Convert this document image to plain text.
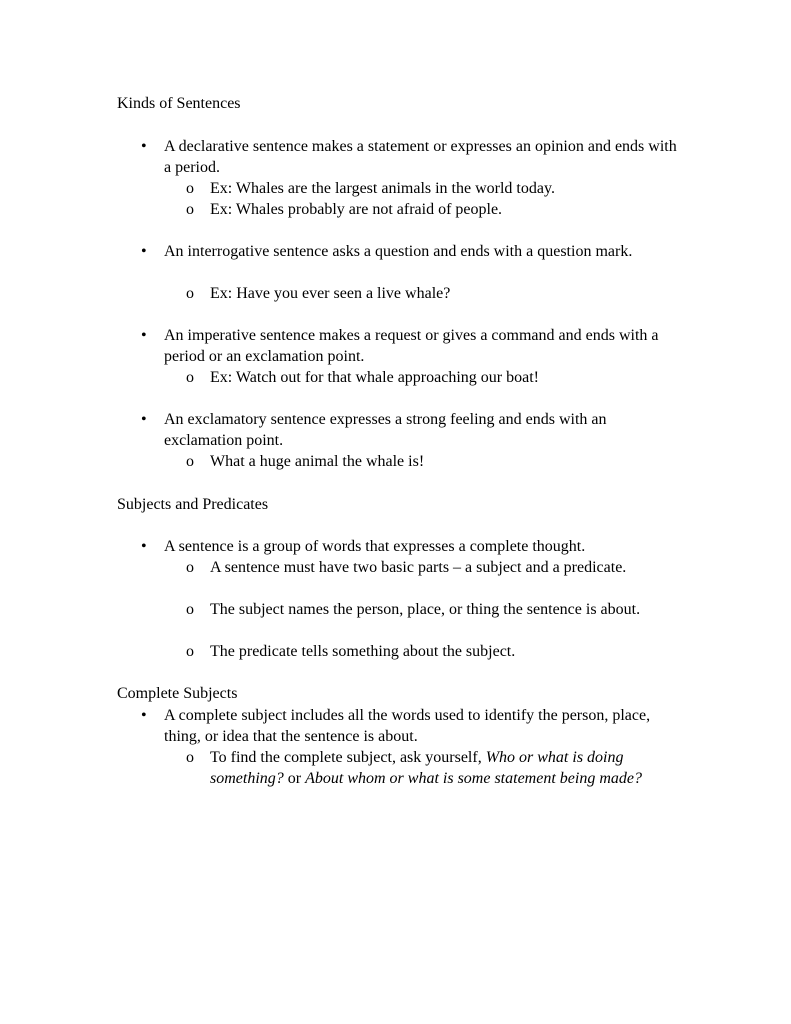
Kinds of Sentences
• A declarative sentence makes a statement or expresses an opinion and ends with a period.
o Ex: Whales are the largest animals in the world today.
o Ex: Whales probably are not afraid of people.
• An interrogative sentence asks a question and ends with a question mark.
o Ex: Have you ever seen a live whale?
• An imperative sentence makes a request or gives a command and ends with a period or an exclamation point.
o Ex: Watch out for that whale approaching our boat!
• An exclamatory sentence expresses a strong feeling and ends with an exclamation point.
o What a huge animal the whale is!
Subjects and Predicates
• A sentence is a group of words that expresses a complete thought.
o A sentence must have two basic parts – a subject and a predicate.
o The subject names the person, place, or thing the sentence is about.
o The predicate tells something about the subject.
Complete Subjects
• A complete subject includes all the words used to identify the person, place, thing, or idea that the sentence is about.
o To find the complete subject, ask yourself, Who or what is doing something? or About whom or what is some statement being made?
